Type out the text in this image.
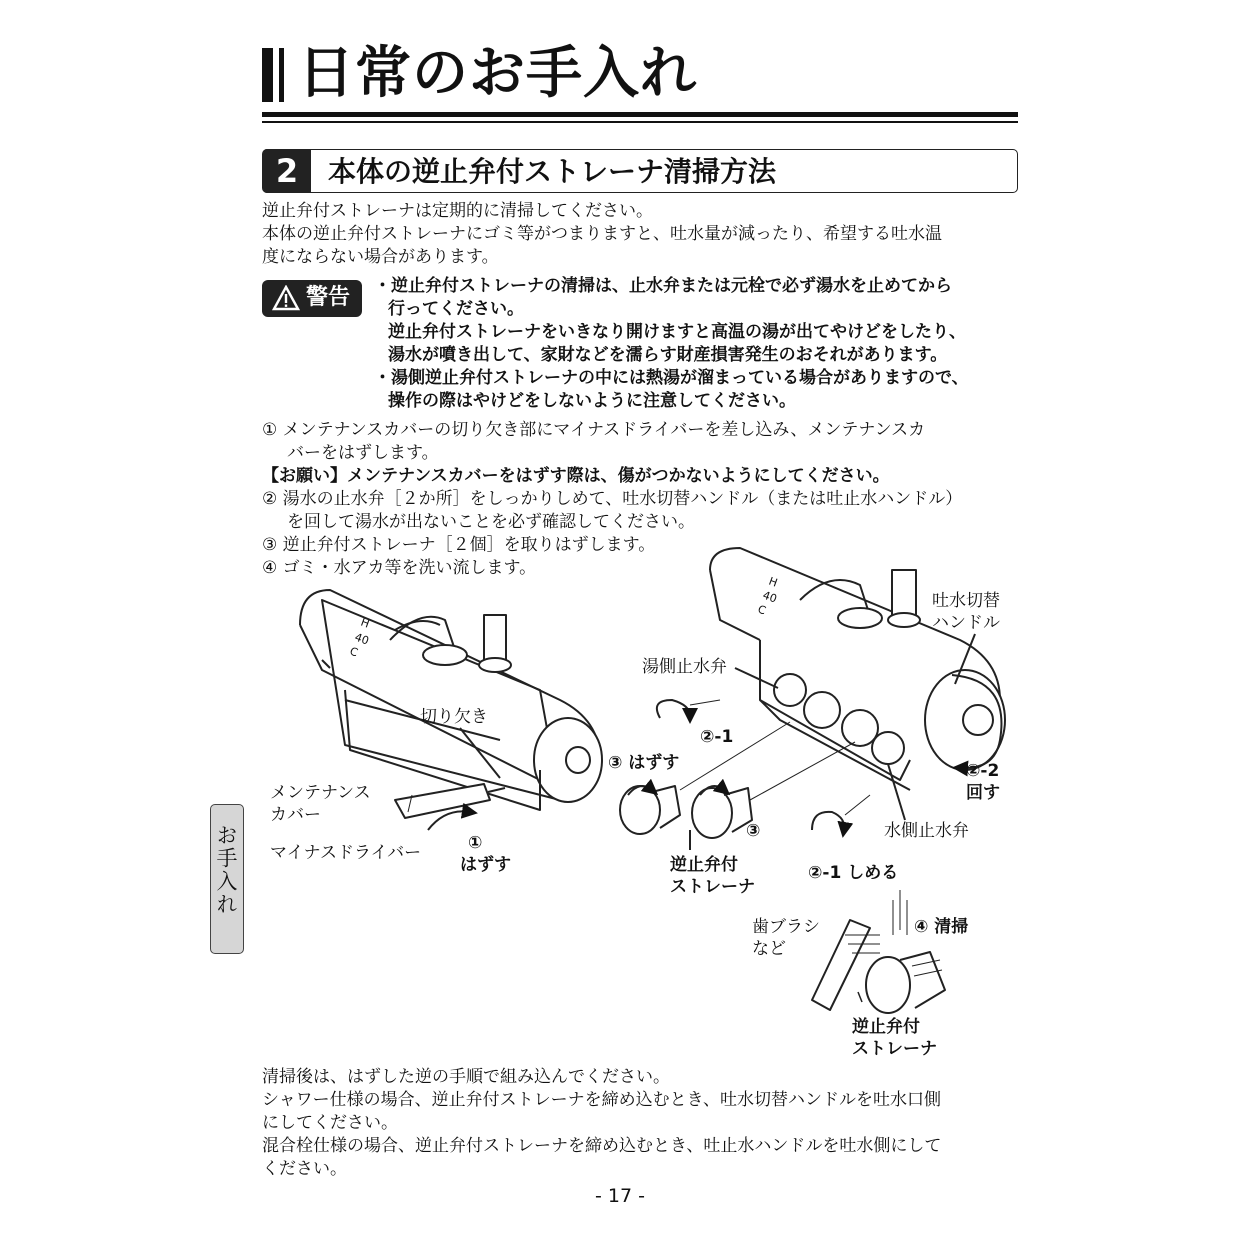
日常のお手入れ
2	本体の逆止弁付ストレーナ清掃方法
逆止弁付ストレーナは定期的に清掃してください。
本体の逆止弁付ストレーナにゴミ等がつまりますと、吐水量が減ったり、希望する吐水温
度にならない場合があります。
警告 ・逆止弁付ストレーナの清掃は、止水弁または元栓で必ず湯水を止めてから
行ってください。
逆止弁付ストレーナをいきなり開けますと高温の湯が出てやけどをしたり、
湯水が噴き出して、家財などを濡らす財産損害発生のおそれがあります。
・湯側逆止弁付ストレーナの中には熱湯が溜まっている場合がありますので、
操作の際はやけどをしないように注意してください。
① メンテナンスカバーの切り欠き部にマイナスドライバーを差し込み、メンテナンスカ
バーをはずします。
【お願い】メンテナンスカバーをはずす際は、傷がつかないようにしてください。
② 湯水の止水弁［２か所］をしっかりしめて、吐水切替ハンドル（または吐止水ハンドル）
を回して湯水が出ないことを必ず確認してください。
③ 逆止弁付ストレーナ［２個］を取りはずします。
④ ゴミ・水アカ等を洗い流します。
H
40
C
H
40
C
切り欠き
メンテナンス
カバー
マイナスドライバー	①
はずす
吐水切替
ハンドル
湯側止水弁
②-1
③ はずす
③
②-2
回す
水側止水弁
逆止弁付
ストレーナ
②-1 しめる
歯ブラシ
など
④ 清掃
逆止弁付
ストレーナ
お手入れ
清掃後は、はずした逆の手順で組み込んでください。
シャワー仕様の場合、逆止弁付ストレーナを締め込むとき、吐水切替ハンドルを吐水口側
にしてください。
混合栓仕様の場合、逆止弁付ストレーナを締め込むとき、吐止水ハンドルを吐水側にして
ください。
- 17 -
